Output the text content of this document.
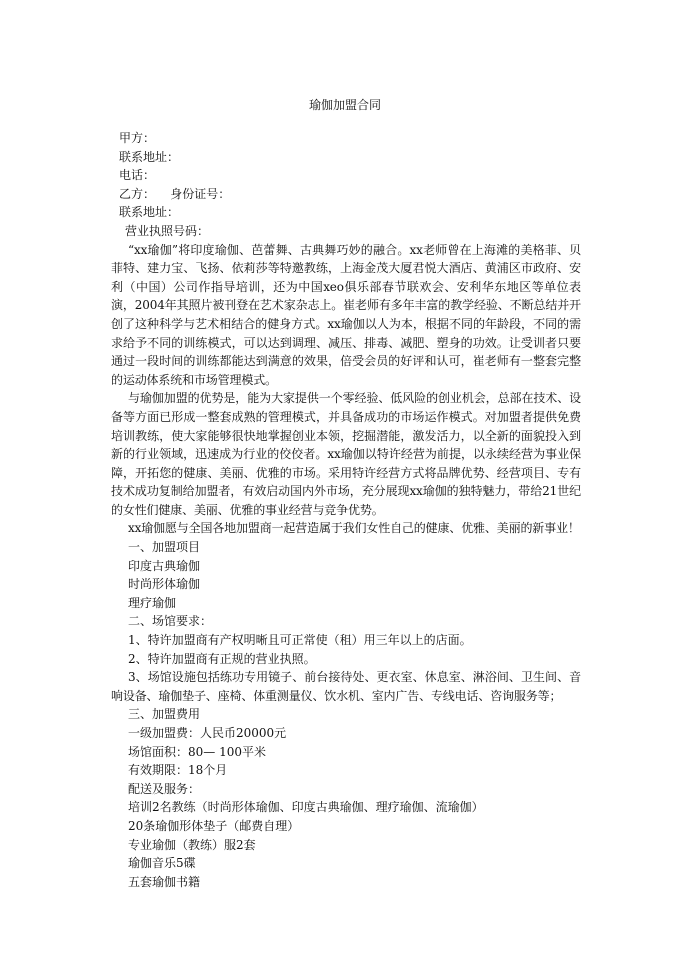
瑜伽加盟合同
甲方：
联系地址：
电话：
乙方：    身份证号：
联系地址：
营业执照号码：

“xx瑜伽”将印度瑜伽、芭蕾舞、古典舞巧妙的融合。xx老师曾在上海滩的美格菲、贝菲特、建力宝、飞扬、依莉莎等特邀教练，上海金茂大厦君悦大酒店、黄浦区市政府、安利（中国）公司作指导培训，还为中国xeo俱乐部春节联欢会、安利华东地区等单位表演，2004年其照片被刊登在艺术家杂志上。崔老师有多年丰富的教学经验、不断总结并开创了这种科学与艺术相结合的健身方式。xx瑜伽以人为本，根据不同的年龄段，不同的需求给予不同的训练模式，可以达到调理、减压、排毒、减肥、塑身的功效。让受训者只要通过一段时间的训练都能达到满意的效果，倍受会员的好评和认可，崔老师有一整套完整的运动体系统和市场管理模式。

与瑜伽加盟的优势是，能为大家提供一个零经验、低风险的创业机会，总部在技术、设备等方面已形成一整套成熟的管理模式，并具备成功的市场运作模式。对加盟者提供免费培训教练，使大家能够很快地掌握创业本领，挖掘潜能，激发活力，以全新的面貌投入到新的行业领域，迅速成为行业的佼佼者。xx瑜伽以特许经营为前提，以永续经营为事业保障，开拓您的健康、美丽、优雅的市场。采用特许经营方式将品牌优势、经营项目、专有技术成功复制给加盟者，有效启动国内外市场，充分展现xx瑜伽的独特魅力，带给21世纪的女性们健康、美丽、优雅的事业经营与竞争优势。

xx瑜伽愿与全国各地加盟商一起营造属于我们女性自己的健康、优雅、美丽的新事业！

一、加盟项目
印度古典瑜伽
时尚形体瑜伽
理疗瑜伽
二、场馆要求：
1、特许加盟商有产权明晰且可正常使（租）用三年以上的店面。
2、特许加盟商有正规的营业执照。

3、场馆设施包括练功专用镜子、前台接待处、更衣室、休息室、淋浴间、卫生间、音响设备、瑜伽垫子、座椅、体重测量仪、饮水机、室内广告、专线电话、咨询服务等；

三、加盟费用
一级加盟费：人民币20000元
场馆面积：80— 100平米
有效期限：18个月
配送及服务：
培训2名教练（时尚形体瑜伽、印度古典瑜伽、理疗瑜伽、流瑜伽）
20条瑜伽形体垫子（邮费自理）
专业瑜伽（教练）服2套
瑜伽音乐5碟
五套瑜伽书籍
